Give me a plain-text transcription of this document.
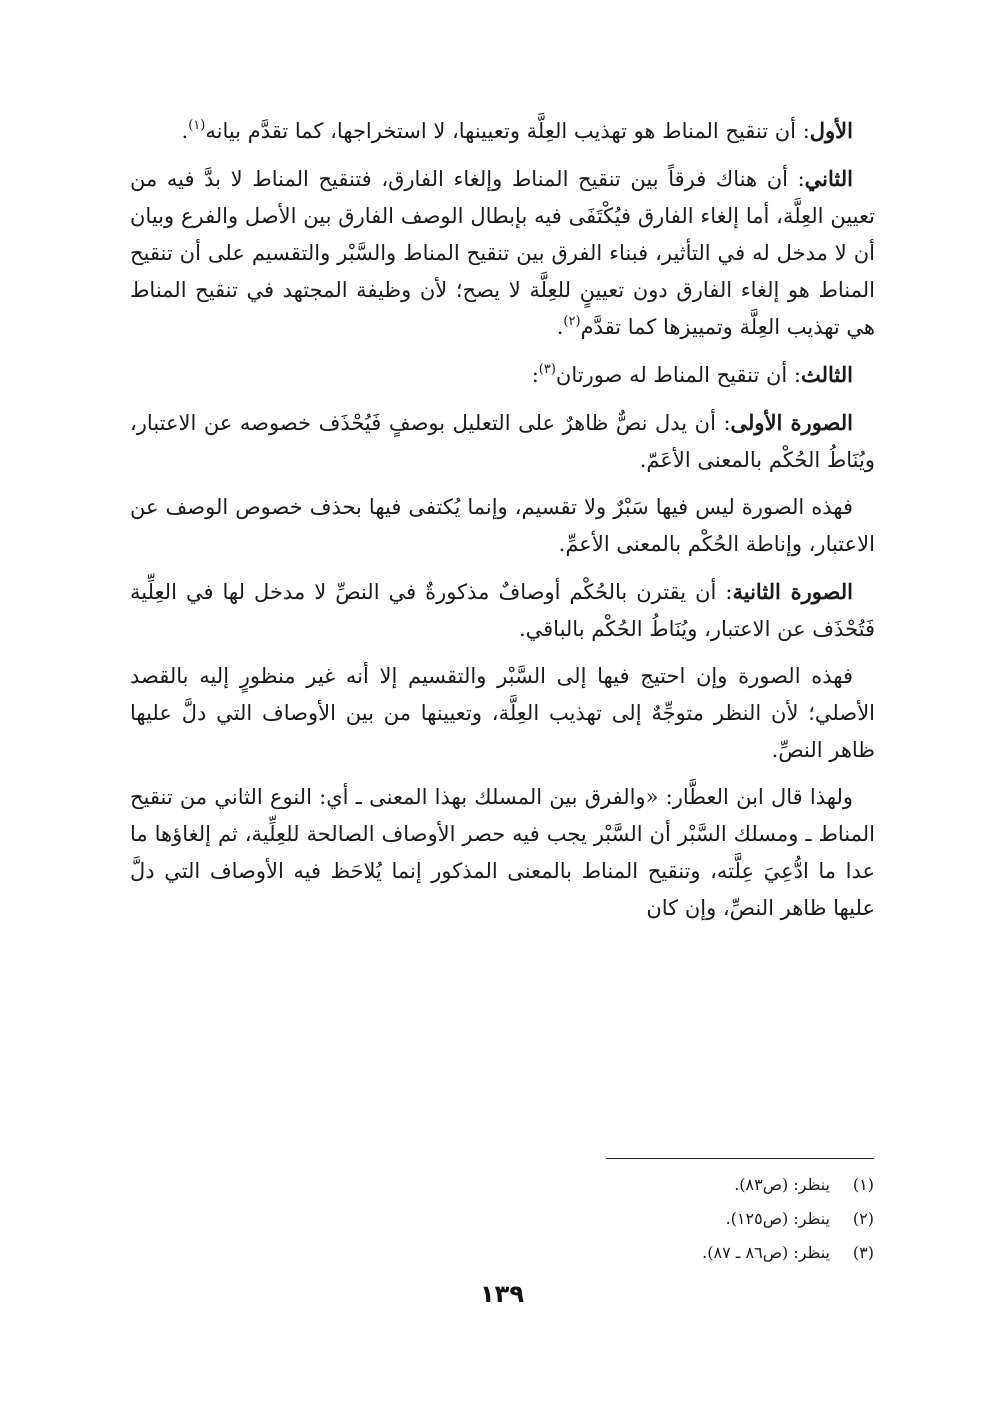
الأول: أن تنقيح المناط هو تهذيب العِلَّة وتعيينها، لا استخراجها، كما تقدَّم بيانه$^{(١)}$.

الثاني: أن هناك فرقاً بين تنقيح المناط وإلغاء الفارق، فتنقيح المناط لا بدَّ فيه من تعيين العِلَّة، أما إلغاء الفارق فيُكْتَفَى فيه بإبطال الوصف الفارق بين الأصل والفرع وبيان أن لا مدخل له في التأثير، فبناء الفرق بين تنقيح المناط والسَّبْر والتقسيم على أن تنقيح المناط هو إلغاء الفارق دون تعيينٍ للعِلَّة لا يصح؛ لأن وظيفة المجتهد في تنقيح المناط هي تهذيب العِلَّة وتمييزها كما تقدَّم$^{(٢)}$.

الثالث: أن تنقيح المناط له صورتان$^{(٣)}$:

الصورة الأولى: أن يدل نصٌّ ظاهرٌ على التعليل بوصفٍ فَيُحْذَف خصوصه عن الاعتبار، ويُنَاطُ الحُكْم بالمعنى الأعَمّ.

فهذه الصورة ليس فيها سَبْرٌ ولا تقسيم، وإنما يُكتفى فيها بحذف خصوص الوصف عن الاعتبار، وإناطة الحُكْم بالمعنى الأعمِّ.

الصورة الثانية: أن يقترن بالحُكْم أوصافٌ مذكورةٌ في النصِّ لا مدخل لها في العِلِّية فَتُحْذَف عن الاعتبار، ويُنَاطُ الحُكْم بالباقي.

فهذه الصورة وإن احتيج فيها إلى السَّبْر والتقسيم إلا أنه غير منظورٍ إليه بالقصد الأصلي؛ لأن النظر متوجِّهٌ إلى تهذيب العِلَّة، وتعيينها من بين الأوصاف التي دلَّ عليها ظاهر النصِّ.

ولهذا قال ابن العطَّار: «والفرق بين المسلك بهذا المعنى ـ أي: النوع الثاني من تنقيح المناط ـ ومسلك السَّبْر أن السَّبْر يجب فيه حصر الأوصاف الصالحة للعِلِّية، ثم إلغاؤها ما عدا ما ادُّعِيَ عِلَّته، وتنقيح المناط بالمعنى المذكور إنما يُلاحَظ فيه الأوصاف التي دلَّ عليها ظاهر النصِّ، وإن كان

(١)ينظر: (ص٨٣).
(٢)ينظر: (ص١٢٥).
(٣)ينظر: (ص٨٦ ـ ٨٧).
١٣٩
